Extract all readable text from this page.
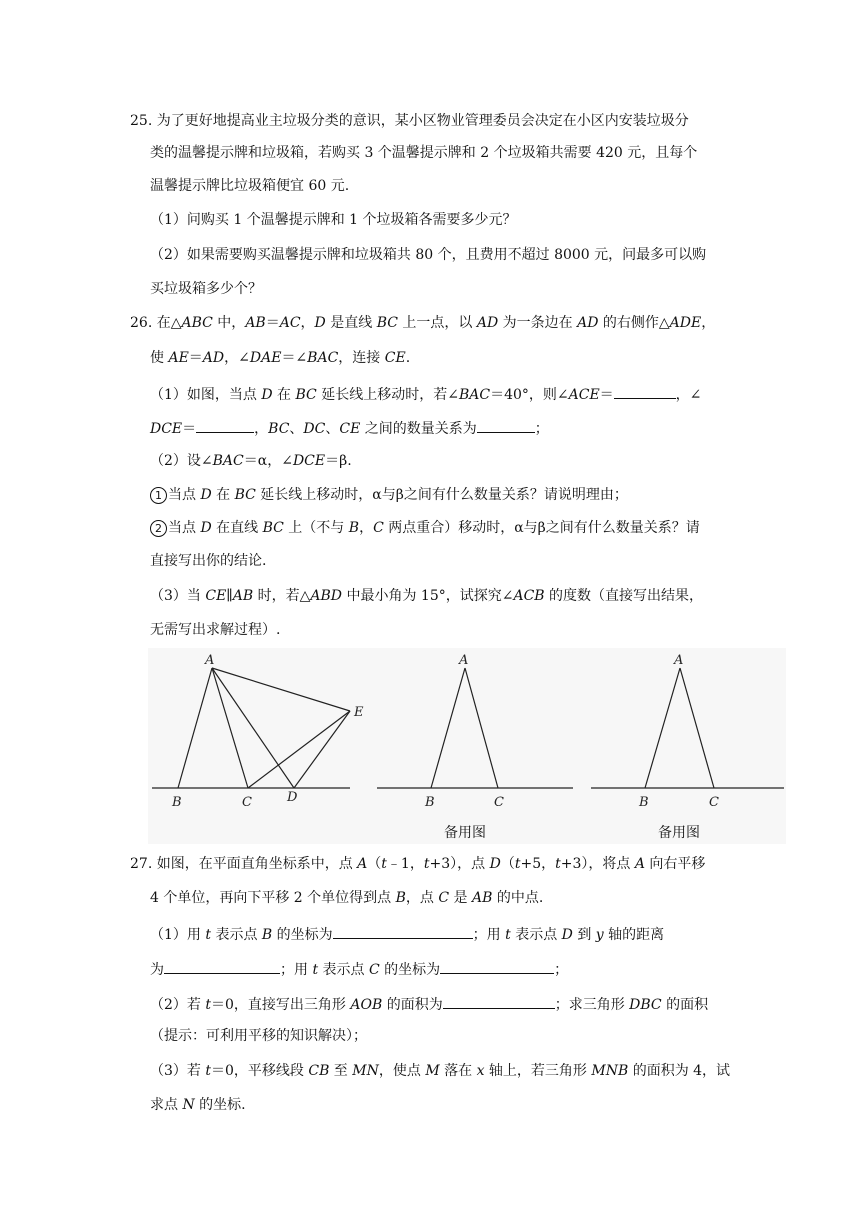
25. 为了更好地提高业主垃圾分类的意识，某小区物业管理委员会决定在小区内安装垃圾分
类的温馨提示牌和垃圾箱，若购买 3 个温馨提示牌和 2 个垃圾箱共需要 420 元，且每个
温馨提示牌比垃圾箱便宜 60 元.
（1）问购买 1 个温馨提示牌和 1 个垃圾箱各需要多少元？
（2）如果需要购买温馨提示牌和垃圾箱共 80 个，且费用不超过 8000 元，问最多可以购
买垃圾箱多少个？
26. 在△ABC 中，AB＝AC，D 是直线 BC 上一点，以 AD 为一条边在 AD 的右侧作△ADE，
使 AE＝AD，∠DAE＝∠BAC，连接 CE.
（1）如图，当点 D 在 BC 延长线上移动时，若∠BAC＝40°，则∠ACE＝	，∠
DCE＝	，BC、DC、CE 之间的数量关系为	；
（2）设∠BAC＝α，∠DCE＝β.
1 当点 D 在 BC 延长线上移动时，α与β之间有什么数量关系？请说明理由；
2 当点 D 在直线 BC 上（不与 B，C 两点重合）移动时，α与β之间有什么数量关系？请
直接写出你的结论.
（3）当 CE∥AB 时，若△ABD 中最小角为 15°，试探究∠ACB 的度数（直接写出结果，
无需写出求解过程）.
A
B	C	D
E
A
B	C
A
B	C
备用图	备用图
27. 如图，在平面直角坐标系中，点 A（t﹣1，t+3），点 D（t+5，t+3），将点 A 向右平移
4 个单位，再向下平移 2 个单位得到点 B，点 C 是 AB 的中点.
（1）用 t 表示点 B 的坐标为	；用 t 表示点 D 到 y 轴的距离
为	；用 t 表示点 C 的坐标为	；
（2）若 t＝0，直接写出三角形 AOB 的面积为	；求三角形 DBC 的面积
（提示：可利用平移的知识解决）；
（3）若 t＝0，平移线段 CB 至 MN，使点 M 落在 x 轴上，若三角形 MNB 的面积为 4，试
求点 N 的坐标.
